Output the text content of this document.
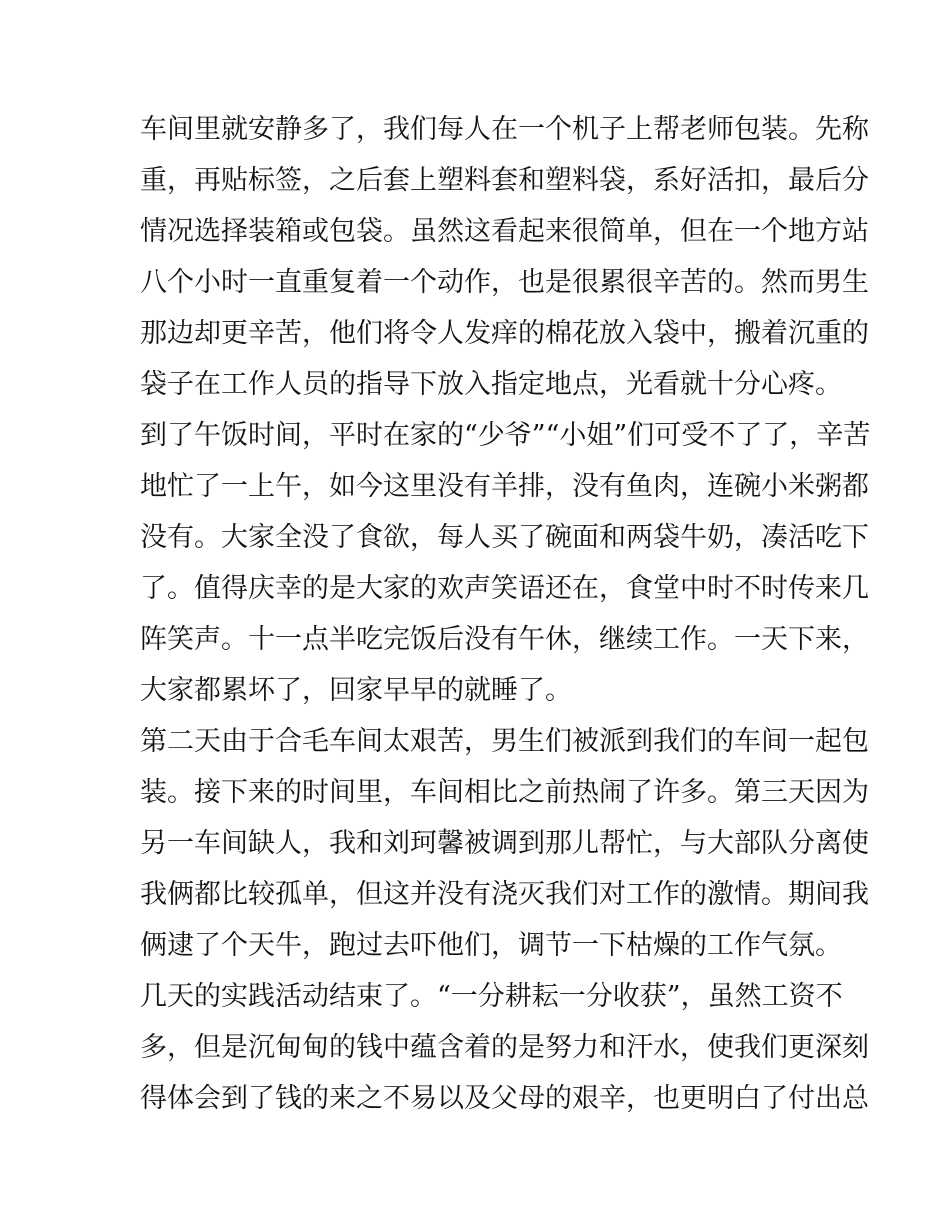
车间里就安静多了，我们每人在一个机子上帮老师包装。先称
重，再贴标签，之后套上塑料套和塑料袋，系好活扣，最后分
情况选择装箱或包袋。虽然这看起来很简单，但在一个地方站
八个小时一直重复着一个动作，也是很累很辛苦的。然而男生
那边却更辛苦，他们将令人发痒的棉花放入袋中，搬着沉重的
袋子在工作人员的指导下放入指定地点，光看就十分心疼。
到了午饭时间，平时在家的“少爷”“小姐”们可受不了了，辛苦
地忙了一上午，如今这里没有羊排，没有鱼肉，连碗小米粥都
没有。大家全没了食欲，每人买了碗面和两袋牛奶，凑活吃下
了。值得庆幸的是大家的欢声笑语还在，食堂中时不时传来几
阵笑声。十一点半吃完饭后没有午休，继续工作。一天下来，
大家都累坏了，回家早早的就睡了。
第二天由于合毛车间太艰苦，男生们被派到我们的车间一起包
装。接下来的时间里，车间相比之前热闹了许多。第三天因为
另一车间缺人，我和刘珂馨被调到那儿帮忙，与大部队分离使
我俩都比较孤单，但这并没有浇灭我们对工作的激情。期间我
俩逮了个天牛，跑过去吓他们，调节一下枯燥的工作气氛。
几天的实践活动结束了。“一分耕耘一分收获”，虽然工资不
多，但是沉甸甸的钱中蕴含着的是努力和汗水，使我们更深刻
得体会到了钱的来之不易以及父母的艰辛，也更明白了付出总
